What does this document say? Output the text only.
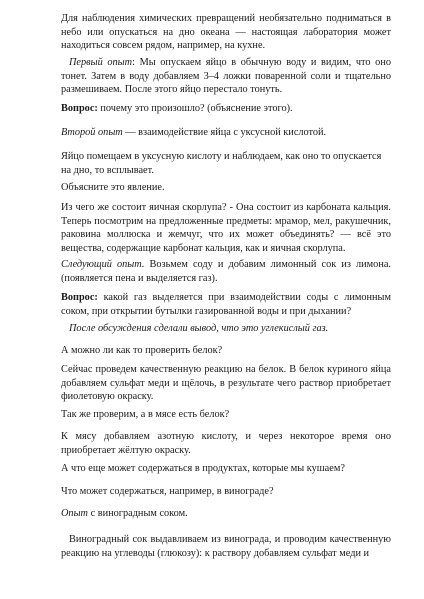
Для наблюдения химических превращений необязательно подниматься в небо или опускаться на дно океана — настоящая лаборатория может находиться совсем рядом, например, на кухне.

Первый опыт: Мы опускаем яйцо в обычную воду и видим, что оно тонет. Затем в воду добавляем 3–4 ложки поваренной соли и тщательно размешиваем. После этого яйцо перестало тонуть.

Вопрос: почему это произошло? (объяснение этого).

Второй опыт — взаимодействие яйца с уксусной кислотой.

Яйцо помещаем в уксусную кислоту и наблюдаем, как оно то опускается на дно, то всплывает.

Объясните это явление.

Из чего же состоит яичная скорлупа? - Она состоит из карбоната кальция. Теперь посмотрим на предложенные предметы: мрамор, мел, ракушечник, раковина моллюска и жемчуг, что их может объединять? — всё это вещества, содержащие карбонат кальция, как и яичная скорлупа.

Следующий опыт. Возьмем соду и добавим лимонный сок из лимона. (появляется пена и выделяется газ).

Вопрос: какой газ выделяется при взаимодействии соды с лимонным соком, при открытии бутылки газированной воды и при дыхании?

После обсуждения сделали вывод, что это углекислый газ.

А можно ли как то проверить белок?

Сейчас проведем качественную реакцию на белок. В белок куриного яйца добавляем сульфат меди и щёлочь, в результате чего раствор приобретает фиолетовую окраску.

Так же проверим, а в мясе есть белок?

К мясу добавляем азотную кислоту, и через некоторое время оно приобретает жёлтую окраску.

А что еще может содержаться в продуктах, которые мы кушаем?

Что может содержаться, например, в винограде?

Опыт с виноградным соком.

Виноградный сок выдавливаем из винограда, и проводим качественную реакцию на углеводы (глюкозу): к раствору добавляем сульфат меди и
